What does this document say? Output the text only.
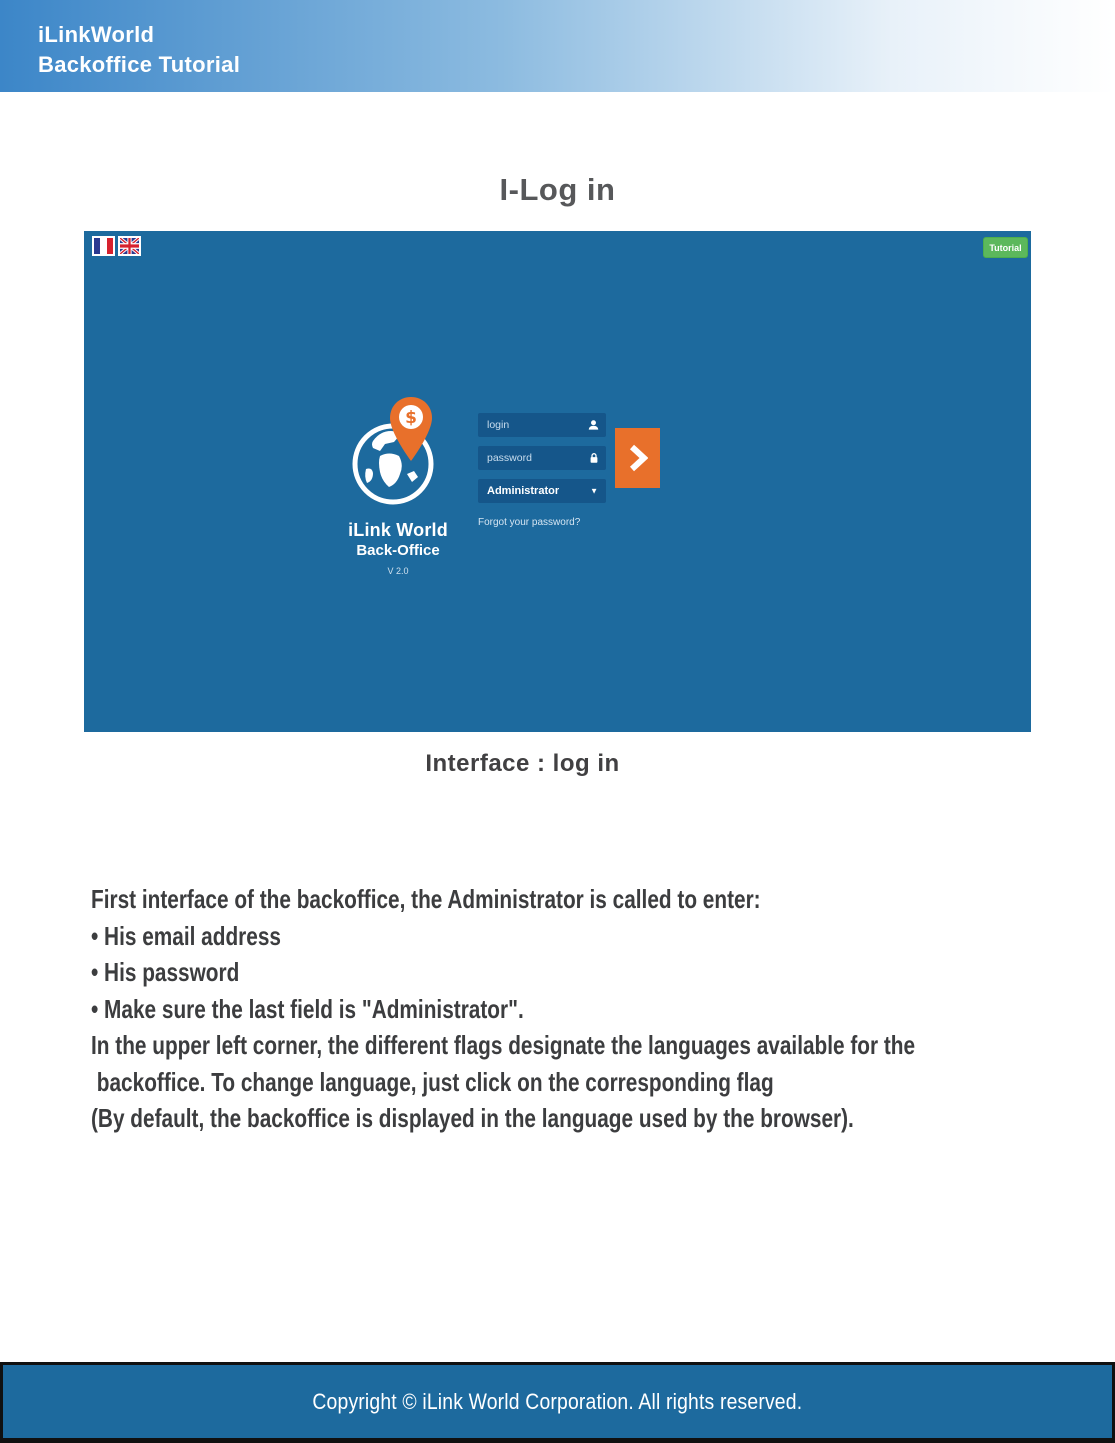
iLinkWorld
Backoffice Tutorial
I-Log in
Tutorial
$
iLink World
Back-Office
V 2.0
login
password
Administrator	▼
Forgot your password?
Interface : log in
First interface of the backoffice, the Administrator is called to enter:
• His email address
• His password
• Make sure the last field is "Administrator".
In the upper left corner, the different flags designate the languages available for the
backoffice. To change language, just click on the corresponding flag
(By default, the backoffice is displayed in the language used by the browser).
Copyright © iLink World Corporation. All rights reserved.
